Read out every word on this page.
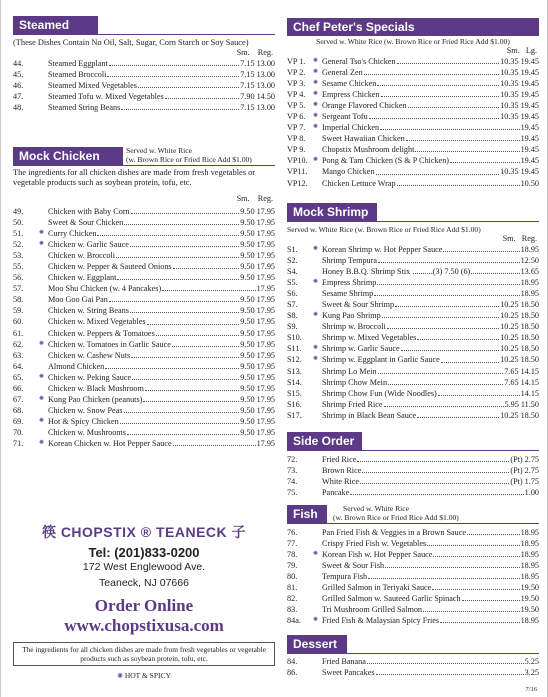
Steamed
(These Dishes Contain No Oil, Salt, Sugar, Corn Starch or Soy Sauce)
Sm. Reg.
44.	Steamed Eggplant	7.15 13.00
45.	Steamed Broccoli	7.15 13.00
46.	Steamed Mixed Vegetables	7.15 13.00
47.	Steamed Tofu w. Mixed Vegetables	7.90 14.50
48.	Steamed String Beans	7.15 13.00
Mock Chicken	Served w. White Rice
(w. Brown Rice or Fried Rice Add $1.00)
The ingredients for all chicken dishes are made from fresh vegetables or vegetable products such as soybean protein, tofu, etc.
Sm. Reg.
49.	Chicken with Baby Corn	9.50 17.95
50.	Sweet & Sour Chicken	9.50 17.95
51.	✺ Curry Chicken	9.50 17.95
52.	✺ Chicken w. Garlic Sauce	9.50 17.95
53.	Chicken w. Broccoli	9.50 17.95
55.	Chicken w. Pepper & Sauteed Onions	9.50 17.95
56.	Chicken w. Eggplant	9.50 17.95
57.	Moo Shu Chicken (w. 4 Pancakes)	17.95
58.	Moo Goo Gai Pan	9.50 17.95
59.	Chicken w. String Beans	9.50 17.95
60.	Chicken w. Mixed Vegetables	9.50 17.95
61.	Chicken w. Peppers & Tomatoes	9.50 17.95
62.	✺ Chicken w. Tomatoes in Garlic Sauce	9.50 17.95
63.	Chicken w. Cashew Nuts	9.50 17.95
64.	Almond Chicken	9.50 17.95
65.	✺ Chicken w. Peking Sauce	9.50 17.95
66.	Chicken w. Black Mushroom	9.50 17.95
67.	✺ Kung Pao Chicken (peanuts)	9.50 17.95
68.	Chicken w. Snow Peas	9.50 17.95
69.	✺ Hot & Spicy Chicken	9.50 17.95
70.	Chicken w. Mushrooms	9.50 17.95
71.	✺ Korean Chicken w. Hot Pepper Sauce	17.95
筷 CHOPSTIX ® TEANECK 子
Tel: (201)833-0200
172 West Englewood Ave.
Teaneck, NJ 07666
Order Online
www.chopstixusa.com
The ingredients for all chicken dishes are made from fresh vegetables or vegetable products such as soybean protein, tofu, etc.
✺ HOT & SPICY
Chef Peter's Specials
Served w. White Rice (w. Brown Rice or Fried Rice Add $1.00)
Sm. Lg.
VP 1.	✺ General Tso's Chicken	10.35 19.45
VP 2.	✺ General Zen	10.35 19.45
VP 3.	✺ Sesame Chicken	10.35 19.45
VP 4.	✺ Empress Chicken	10.35 19.45
VP 5.	✺ Orange Flavored Chicken	10.35 19.45
VP 6.	✺ Sergeant Tofu	10.35 19.45
VP 7.	✺ Imperial Chicken	19.45
VP 8.	Sweet Hawaiian Chicken	19.45
VP 9.	Chopstix Mushroom delight	19.45
VP10. ✺ Pong & Tam Chicken (S & P Chicken)	19.45
VP11.	Mango Chicken	10.35 19.45
VP12.	Chicken Lettuce Wrap	10.50
Mock Shrimp
Served w. White Rice (w. Brown Rice or Fried Rice Add $1.00)
Sm. Reg.
S1.	✺ Korean Shrimp w. Hot Pepper Sauce	18.95
S2.	Shrimp Tempura	12.50
S4.	Honey B.B.Q. Shrimp Stix ..........(3) 7.50 (6)	13.65
S5.	✺ Empress Shrimp	18.95
S6.	Sesame Shrimp	18.95
S7.	Sweet & Sour Shrimp	10.25 18.50
S8.	✺ Kung Pao Shrimp	10.25 18.50
S9.	Shrimp w. Broccoli	10.25 18.50
S10.	Shrimp w. Mixed Vegetables	10.25 18.50
S11.	✺ Shrimp w. Garlic Sauce	10.25 18.50
S12.	✺ Shrimp w. Eggplant in Garlic Sauce	10.25 18.50
S13.	Shrimp Lo Mein	7.65 14.15
S14.	Shrimp Chow Mein	7.65 14.15
S15.	Shrimp Chow Fun (Wide Noodles)	14.15
S16.	Shrimp Fried Rice	5.95 11.50
S17.	Shrimp in Black Bean Sauce	10.25 18.50
Side Order
72.	Fried Rice	(Pt) 2.75
73.	Brown Rice	(Pt) 2.75
74.	White Rice	(Pt) 1.75
75.	Pancake	1.00
Fish	Served w. White Rice
(w. Brown Rice or Fried Rice Add $1.00)
76.	Pan Fried Fish & Veggies in a Brown Sauce	18.95
77.	Crispy Fried Fish w. Vegetables	18.95
78.	✺ Korean Fish w. Hot Pepper Sauce	18.95
79.	Sweet & Sour Fish	18.95
80.	Tempura Fish	18.95
81.	Grilled Salmon in Teriyaki Sauce	19.50
82.	Grilled Salmon w. Sauteed Garlic Spinach	19.50
83.	Tri Mushroom Grilled Salmon	19.50
84a.	✺ Fried Fish & Malaysian Spicy Fries	18.95
Dessert
84.	Fried Banana	5.25
86.	Sweet Pancakes	3.25
7/16
